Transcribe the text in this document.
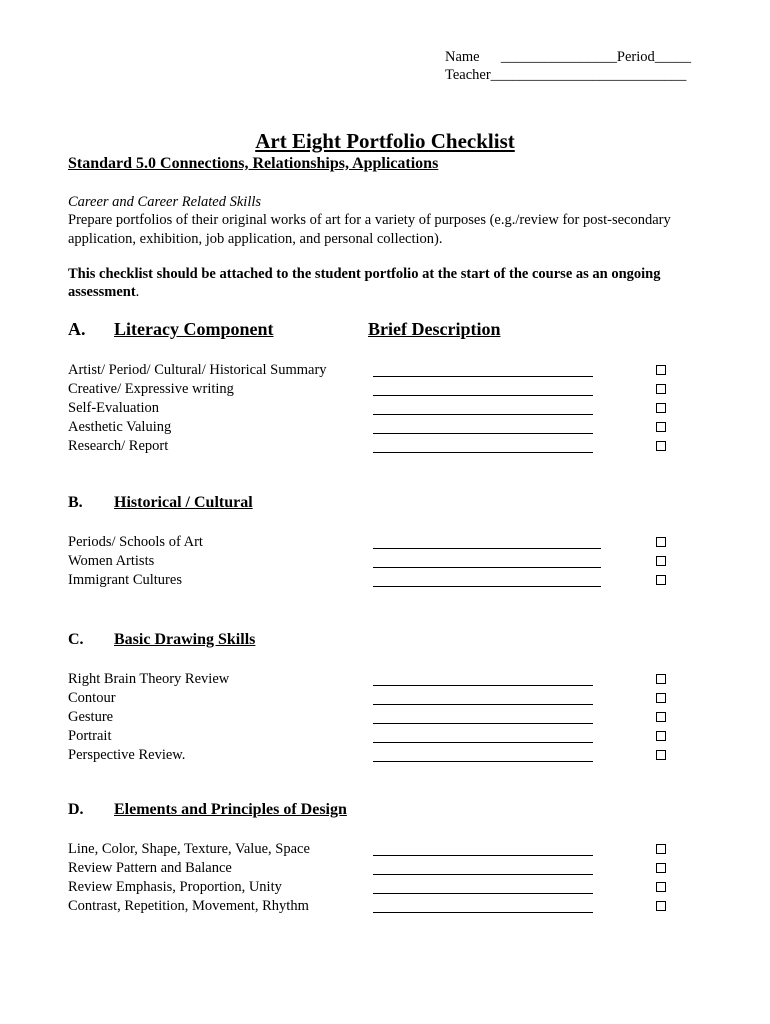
Name ________________Period_____
Teacher___________________________
Art Eight Portfolio Checklist
Standard 5.0 Connections, Relationships, Applications
Career and Career Related Skills
Prepare portfolios of their original works of art for a variety of purposes (e.g./review for post-secondary
application, exhibition, job application, and personal collection).
This checklist should be attached to the student portfolio at the start of the course as an ongoing
assessment.
A. Literacy Component	Brief Description
Artist/ Period/ Cultural/ Historical Summary
Creative/ Expressive writing
Self-Evaluation
Aesthetic Valuing
Research/ Report
B. Historical / Cultural
Periods/ Schools of Art
Women Artists
Immigrant Cultures
C. Basic Drawing Skills
Right Brain Theory Review
Contour
Gesture
Portrait
Perspective Review.
D. Elements and Principles of Design
Line, Color, Shape, Texture, Value, Space
Review Pattern and Balance
Review Emphasis, Proportion, Unity
Contrast, Repetition, Movement, Rhythm
